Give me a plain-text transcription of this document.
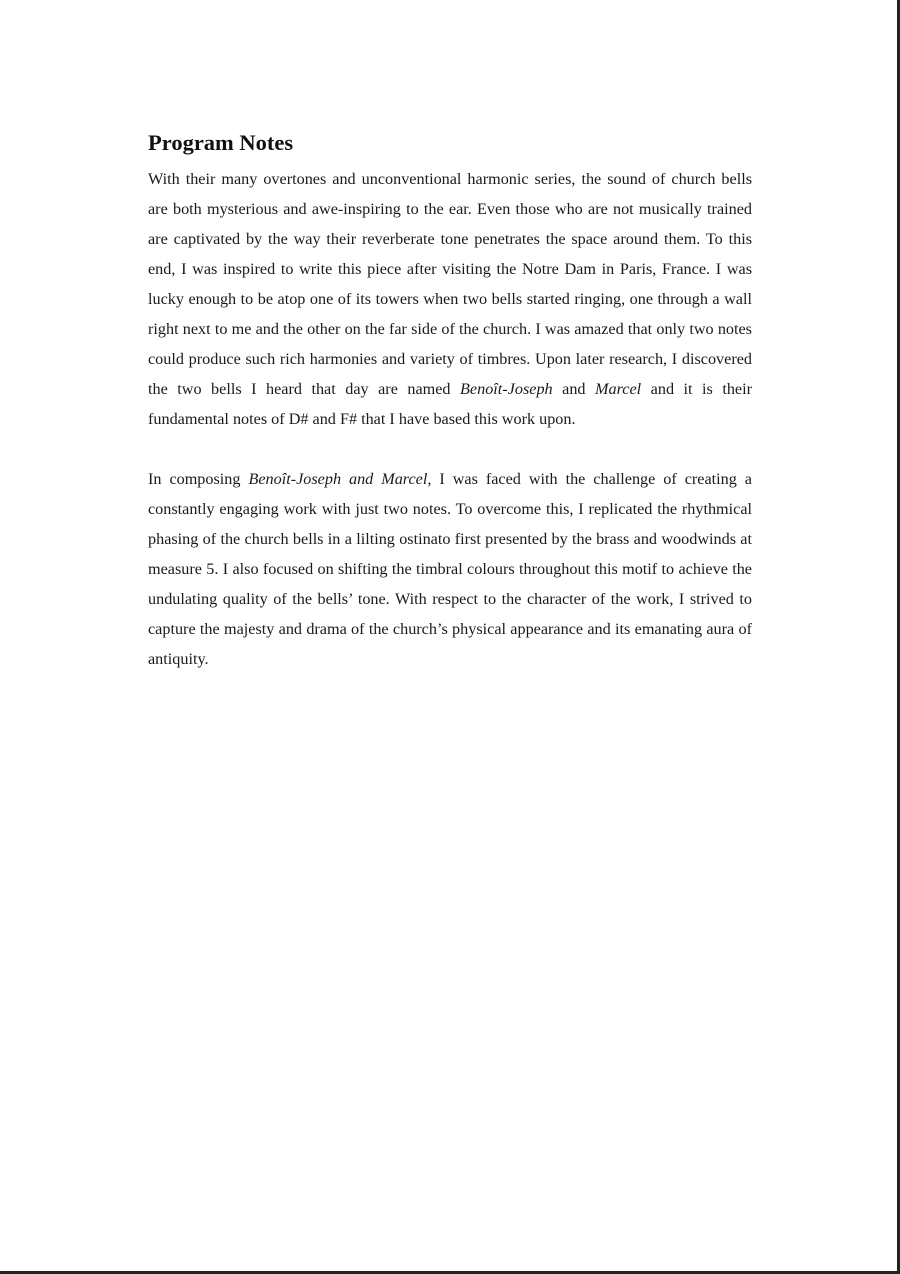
Program Notes

With their many overtones and unconventional harmonic series, the sound of church bells are both mysterious and awe-inspiring to the ear. Even those who are not musically trained are captivated by the way their reverberate tone penetrates the space around them. To this end, I was inspired to write this piece after visiting the Notre Dam in Paris, France. I was lucky enough to be atop one of its towers when two bells started ringing, one through a wall right next to me and the other on the far side of the church. I was amazed that only two notes could produce such rich harmonies and variety of timbres. Upon later research, I discovered the two bells I heard that day are named Benoît-Joseph and Marcel and it is their fundamental notes of D# and F# that I have based this work upon.

In composing Benoît-Joseph and Marcel, I was faced with the challenge of creating a constantly engaging work with just two notes. To overcome this, I replicated the rhythmical phasing of the church bells in a lilting ostinato first presented by the brass and woodwinds at measure 5. I also focused on shifting the timbral colours throughout this motif to achieve the undulating quality of the bells’ tone. With respect to the character of the work, I strived to capture the majesty and drama of the church’s physical appearance and its emanating aura of antiquity.
